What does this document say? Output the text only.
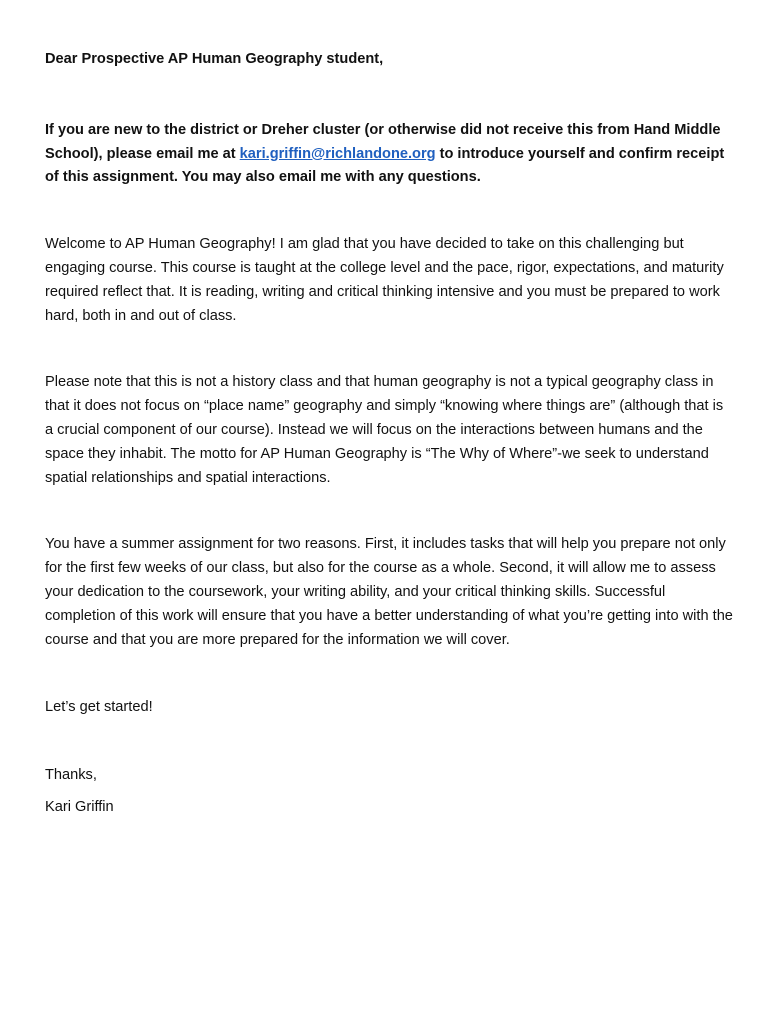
Dear Prospective AP Human Geography student,

If you are new to the district or Dreher cluster (or otherwise did not receive this from Hand Middle School), please email me at kari.griffin@richlandone.org to introduce yourself and confirm receipt of this assignment. You may also email me with any questions.

Welcome to AP Human Geography! I am glad that you have decided to take on this challenging but engaging course. This course is taught at the college level and the pace, rigor, expectations, and maturity required reflect that. It is reading, writing and critical thinking intensive and you must be prepared to work hard, both in and out of class.

Please note that this is not a history class and that human geography is not a typical geography class in that it does not focus on “place name” geography and simply “knowing where things are” (although that is a crucial component of our course). Instead we will focus on the interactions between humans and the space they inhabit. The motto for AP Human Geography is “The Why of Where”-we seek to understand spatial relationships and spatial interactions.

You have a summer assignment for two reasons. First, it includes tasks that will help you prepare not only for the first few weeks of our class, but also for the course as a whole. Second, it will allow me to assess your dedication to the coursework, your writing ability, and your critical thinking skills. Successful completion of this work will ensure that you have a better understanding of what you’re getting into with the course and that you are more prepared for the information we will cover.

Let’s get started!

Thanks,

Kari Griffin
